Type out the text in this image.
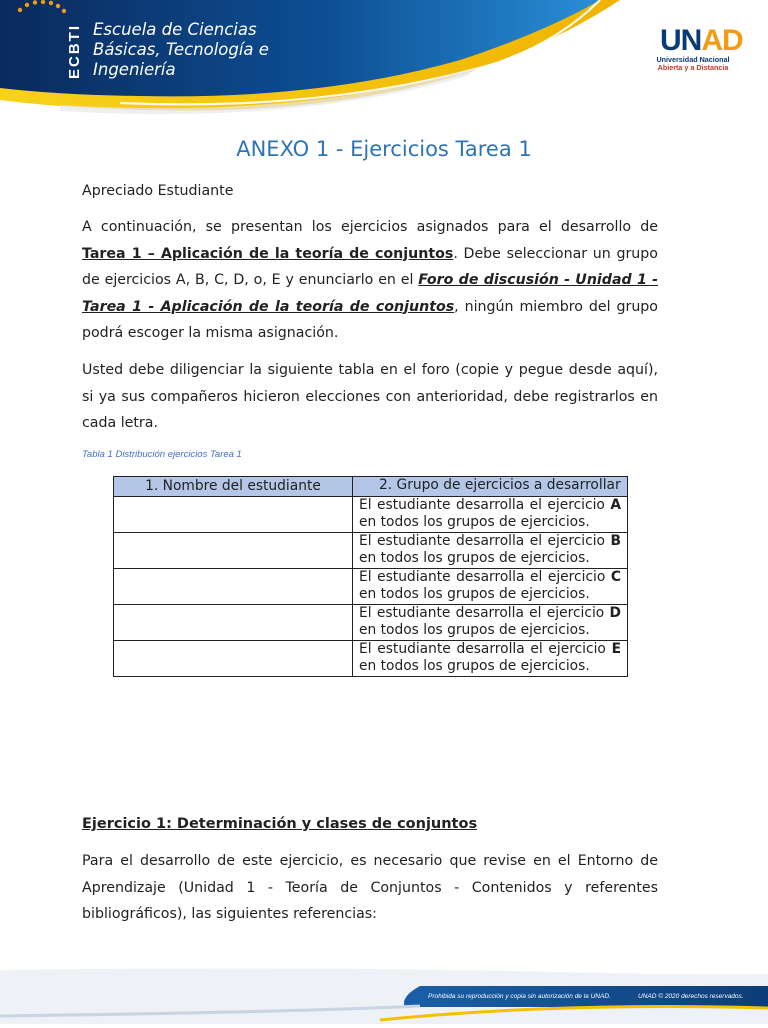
ECBTI Escuela de Ciencias
Básicas, Tecnología e
Ingeniería
UNAD
Universidad Nacional
Abierta y a Distancia
ANEXO 1 - Ejercicios Tarea 1
Apreciado Estudiante
A continuación, se presentan los ejercicios asignados para el desarrollo de Tarea 1 – Aplicación de la teoría de conjuntos. Debe seleccionar un grupo de ejercicios A, B, C, D, o, E y enunciarlo en el Foro de discusión - Unidad 1 - Tarea 1 - Aplicación de la teoría de conjuntos, ningún miembro del grupo podrá escoger la misma asignación.
Usted debe diligenciar la siguiente tabla en el foro (copie y pegue desde aquí), si ya sus compañeros hicieron elecciones con anterioridad, debe registrarlos en cada letra.
Tabla 1 Distribución ejercicios Tarea 1
1. Nombre del estudiante	2. Grupo de ejercicios a desarrollar
	El estudiante desarrolla el ejercicio A en todos los grupos de ejercicios.
	El estudiante desarrolla el ejercicio B en todos los grupos de ejercicios.
	El estudiante desarrolla el ejercicio C en todos los grupos de ejercicios.
	El estudiante desarrolla el ejercicio D en todos los grupos de ejercicios.
	El estudiante desarrolla el ejercicio E en todos los grupos de ejercicios.
Ejercicio 1: Determinación y clases de conjuntos
Para el desarrollo de este ejercicio, es necesario que revise en el Entorno de Aprendizaje (Unidad 1 - Teoría de Conjuntos - Contenidos y referentes bibliográficos), las siguientes referencias:
Prohibida su reproducción y copia sin autorización de la UNAD.	UNAD © 2020 derechos reservados.
